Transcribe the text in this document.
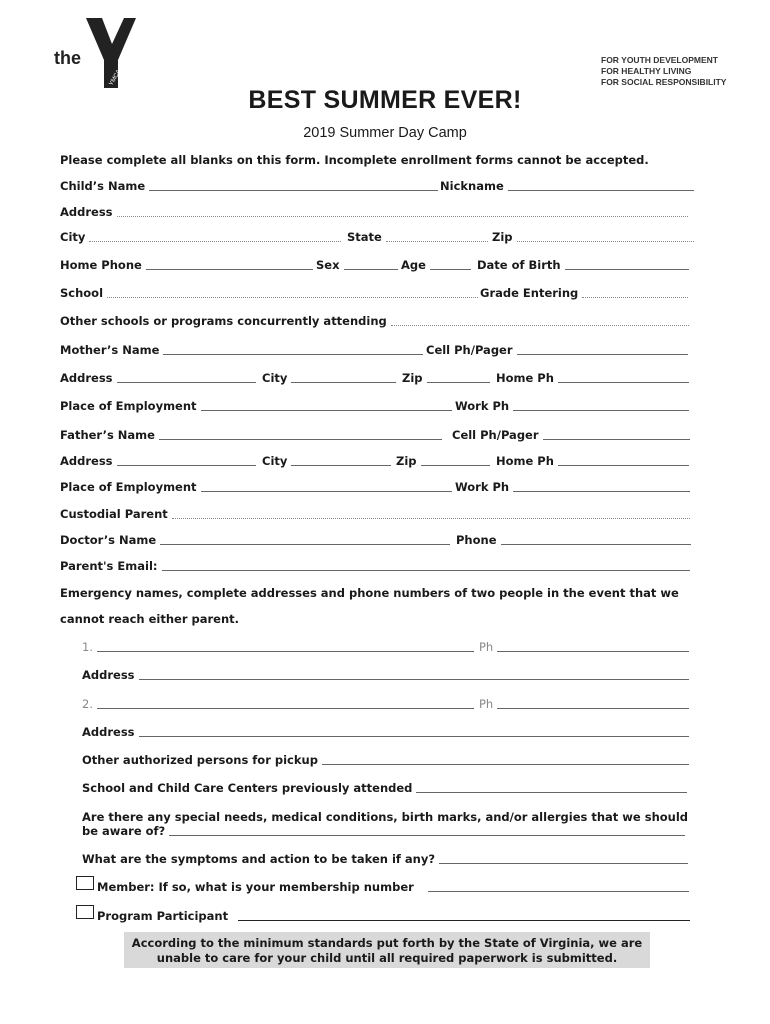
the
YMCA
FOR YOUTH DEVELOPMENT
FOR HEALTHY LIVING
FOR SOCIAL RESPONSIBILITY
BEST SUMMER EVER!
2019 Summer Day Camp
Please complete all blanks on this form. Incomplete enrollment forms cannot be accepted.
Child’s Name	Nickname
Address
City	State	Zip
Home Phone	Sex	Age	Date of Birth
School	Grade Entering
Other schools or programs concurrently attending
Mother’s Name	Cell Ph/Pager
Address	City	Zip	Home Ph
Place of Employment	Work Ph
Father’s Name	Cell Ph/Pager
Address	City	Zip	Home Ph
Place of Employment	Work Ph
Custodial Parent
Doctor’s Name	Phone
Parent's Email:
Emergency names, complete addresses and phone numbers of two people in the event that we
cannot reach either parent.
1.	Ph
Address
2.	Ph
Address
Other authorized persons for pickup
School and Child Care Centers previously attended
Are there any special needs, medical conditions, birth marks, and/or allergies that we should
be aware of?
What are the symptoms and action to be taken if any?
Member: If so, what is your membership number
Program Participant
According to the minimum standards put forth by the State of Virginia, we are
unable to care for your child until all required paperwork is submitted.
